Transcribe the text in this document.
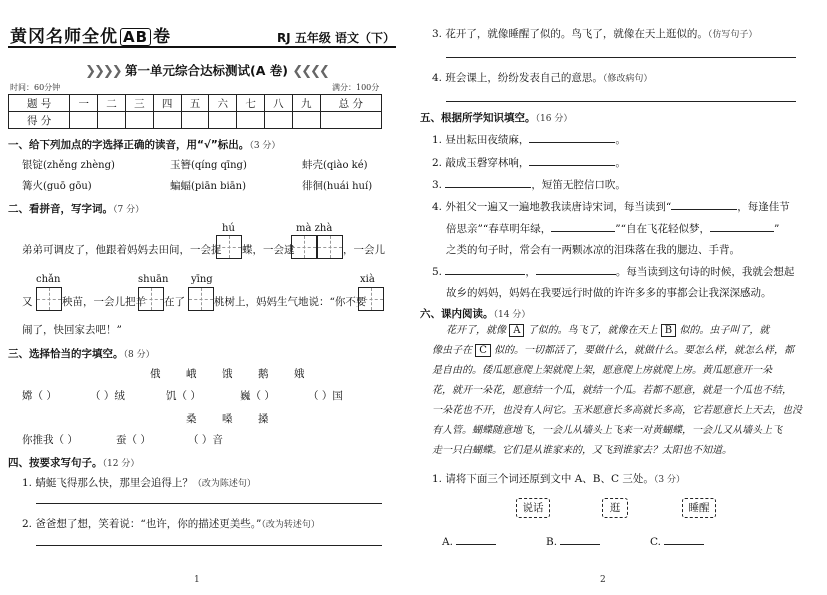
黄冈名师全优 AB 卷	RJ 五年级 语文（下）
❯❯❯❯ 第一单元综合达标测试(A 卷) ❮❮❮❮
时间：60分钟	满分：100分
题 号	一	二	三	四	五	六	七	八	九	总 分
得 分										
一、给下列加点的字选择正确的读音，用“√”标出。（3 分）
银锭(zhěng zhèng)	玉簪(qíng qīng)	蚌壳(qiào ké)
篝火(guō gōu)	蝙蝠(piān biān)	徘徊(huái huí)
二、看拼音，写字词。（7 分）
hú	mà zhà
弟弟可调皮了，他跟着妈妈去田间，一会捉 蝶，一会逮	，一会儿
chǎn	shuān yīng	xià
又	秧苗，一会儿把羊 在了	桃树上，妈妈生气地说：“你不要
闹了，快回家去吧！”
三、选择恰当的字填空。（8 分）
俄 峨 饿 鹅 娥
嫦（ ）	（ ）绒	饥（ ）	巍（ ）	（ ）国
桑 嗓 搡
你推我（ ）	蚕（ ）	（ ）音
四、按要求写句子。（12 分）
1. 蜻蜓飞得那么快，那里会追得上？（改为陈述句）
2. 爸爸想了想，笑着说：“也许，你的描述更美些。”（改为转述句）
1
3. 花开了，就像睡醒了似的。鸟飞了，就像在天上逛似的。（仿写句子）
4. 班会课上，纷纷发表自己的意思。（修改病句）
五、根据所学知识填空。（16 分）
1. 昼出耘田夜绩麻，	。
2. 敲成玉磬穿林响，	。
3.	，短笛无腔信口吹。
4. 外祖父一遍又一遍地教我读唐诗宋词，每当读到“	，每逢佳节
倍思亲”“春草明年绿，	”“自在飞花轻似梦，	”
之类的句子时，常会有一两颗冰凉的泪珠落在我的腮边、手背。
5.	，	。每当读到这句诗的时候，我就会想起
故乡的妈妈，妈妈在我要远行时做的许许多多的事都会让我深深感动。
六、课内阅读。（14 分）
花开了，就像 A 了似的。鸟飞了，就像在天上 B 似的。虫子叫了，就
像虫子在 C 似的。一切都活了，要做什么，就做什么。要怎么样，就怎么样，都
是自由的。倭瓜愿意爬上架就爬上架，愿意爬上房就爬上房。黄瓜愿意开一朵
花，就开一朵花，愿意结一个瓜，就结一个瓜。若都不愿意，就是一个瓜也不结，
一朵花也不开，也没有人问它。玉米愿意长多高就长多高，它若愿意长上天去，也没
有人管。蝴蝶随意地飞，一会儿从墙头上飞来一对黄蝴蝶，一会儿又从墙头上飞
走一只白蝴蝶。它们是从谁家来的，又飞到谁家去？太阳也不知道。
1. 请将下面三个词还原到文中 A、B、C 三处。（3 分）
说话	逛	睡醒
A.	B.	C.
2
